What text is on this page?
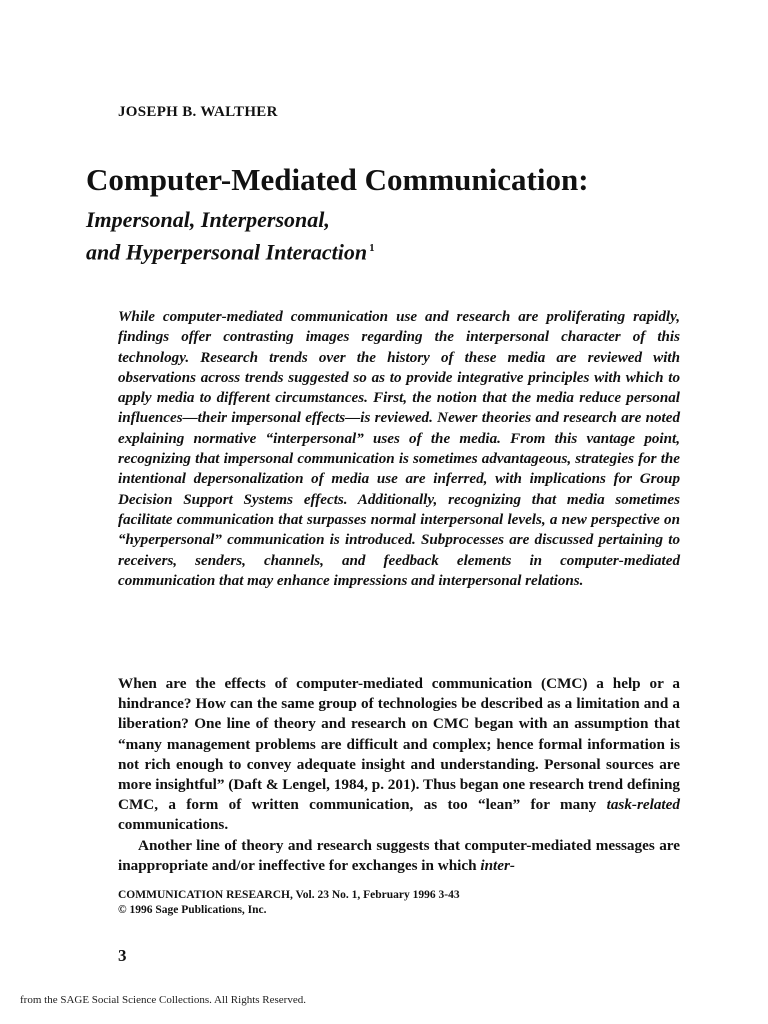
JOSEPH B. WALTHER
Computer-Mediated Communication:
Impersonal, Interpersonal,
and Hyperpersonal Interaction $^1$

While computer-mediated communication use and research are proliferating rapidly, findings offer contrasting images regarding the interpersonal character of this technology. Research trends over the history of these media are reviewed with observations across trends suggested so as to provide integrative principles with which to apply media to different circumstances. First, the notion that the media reduce personal influences—their impersonal effects—is reviewed. Newer theories and research are noted explaining normative “interpersonal” uses of the media. From this vantage point, recognizing that impersonal communication is sometimes advantageous, strategies for the intentional depersonalization of media use are inferred, with implications for Group Decision Support Systems effects. Additionally, recognizing that media sometimes facilitate communication that surpasses normal interpersonal levels, a new perspective on “hyperpersonal” communication is introduced. Subprocesses are discussed pertaining to receivers, senders, channels, and feedback elements in computer-mediated communication that may enhance impressions and interpersonal relations.

When are the effects of computer-mediated communication (CMC) a help or a hindrance? How can the same group of technologies be described as a limitation and a liberation? One line of theory and research on CMC began with an assumption that “many management problems are difficult and complex; hence formal information is not rich enough to convey adequate insight and understanding. Personal sources are more insightful” (Daft & Lengel, 1984, p. 201). Thus began one research trend defining CMC, a form of written communication, as too “lean” for many task-related communications.

Another line of theory and research suggests that computer-mediated messages are inappropriate and/or ineffective for exchanges in which inter-

COMMUNICATION RESEARCH, Vol. 23 No. 1, February 1996 3-43
© 1996 Sage Publications, Inc.
3
from the SAGE Social Science Collections. All Rights Reserved.
